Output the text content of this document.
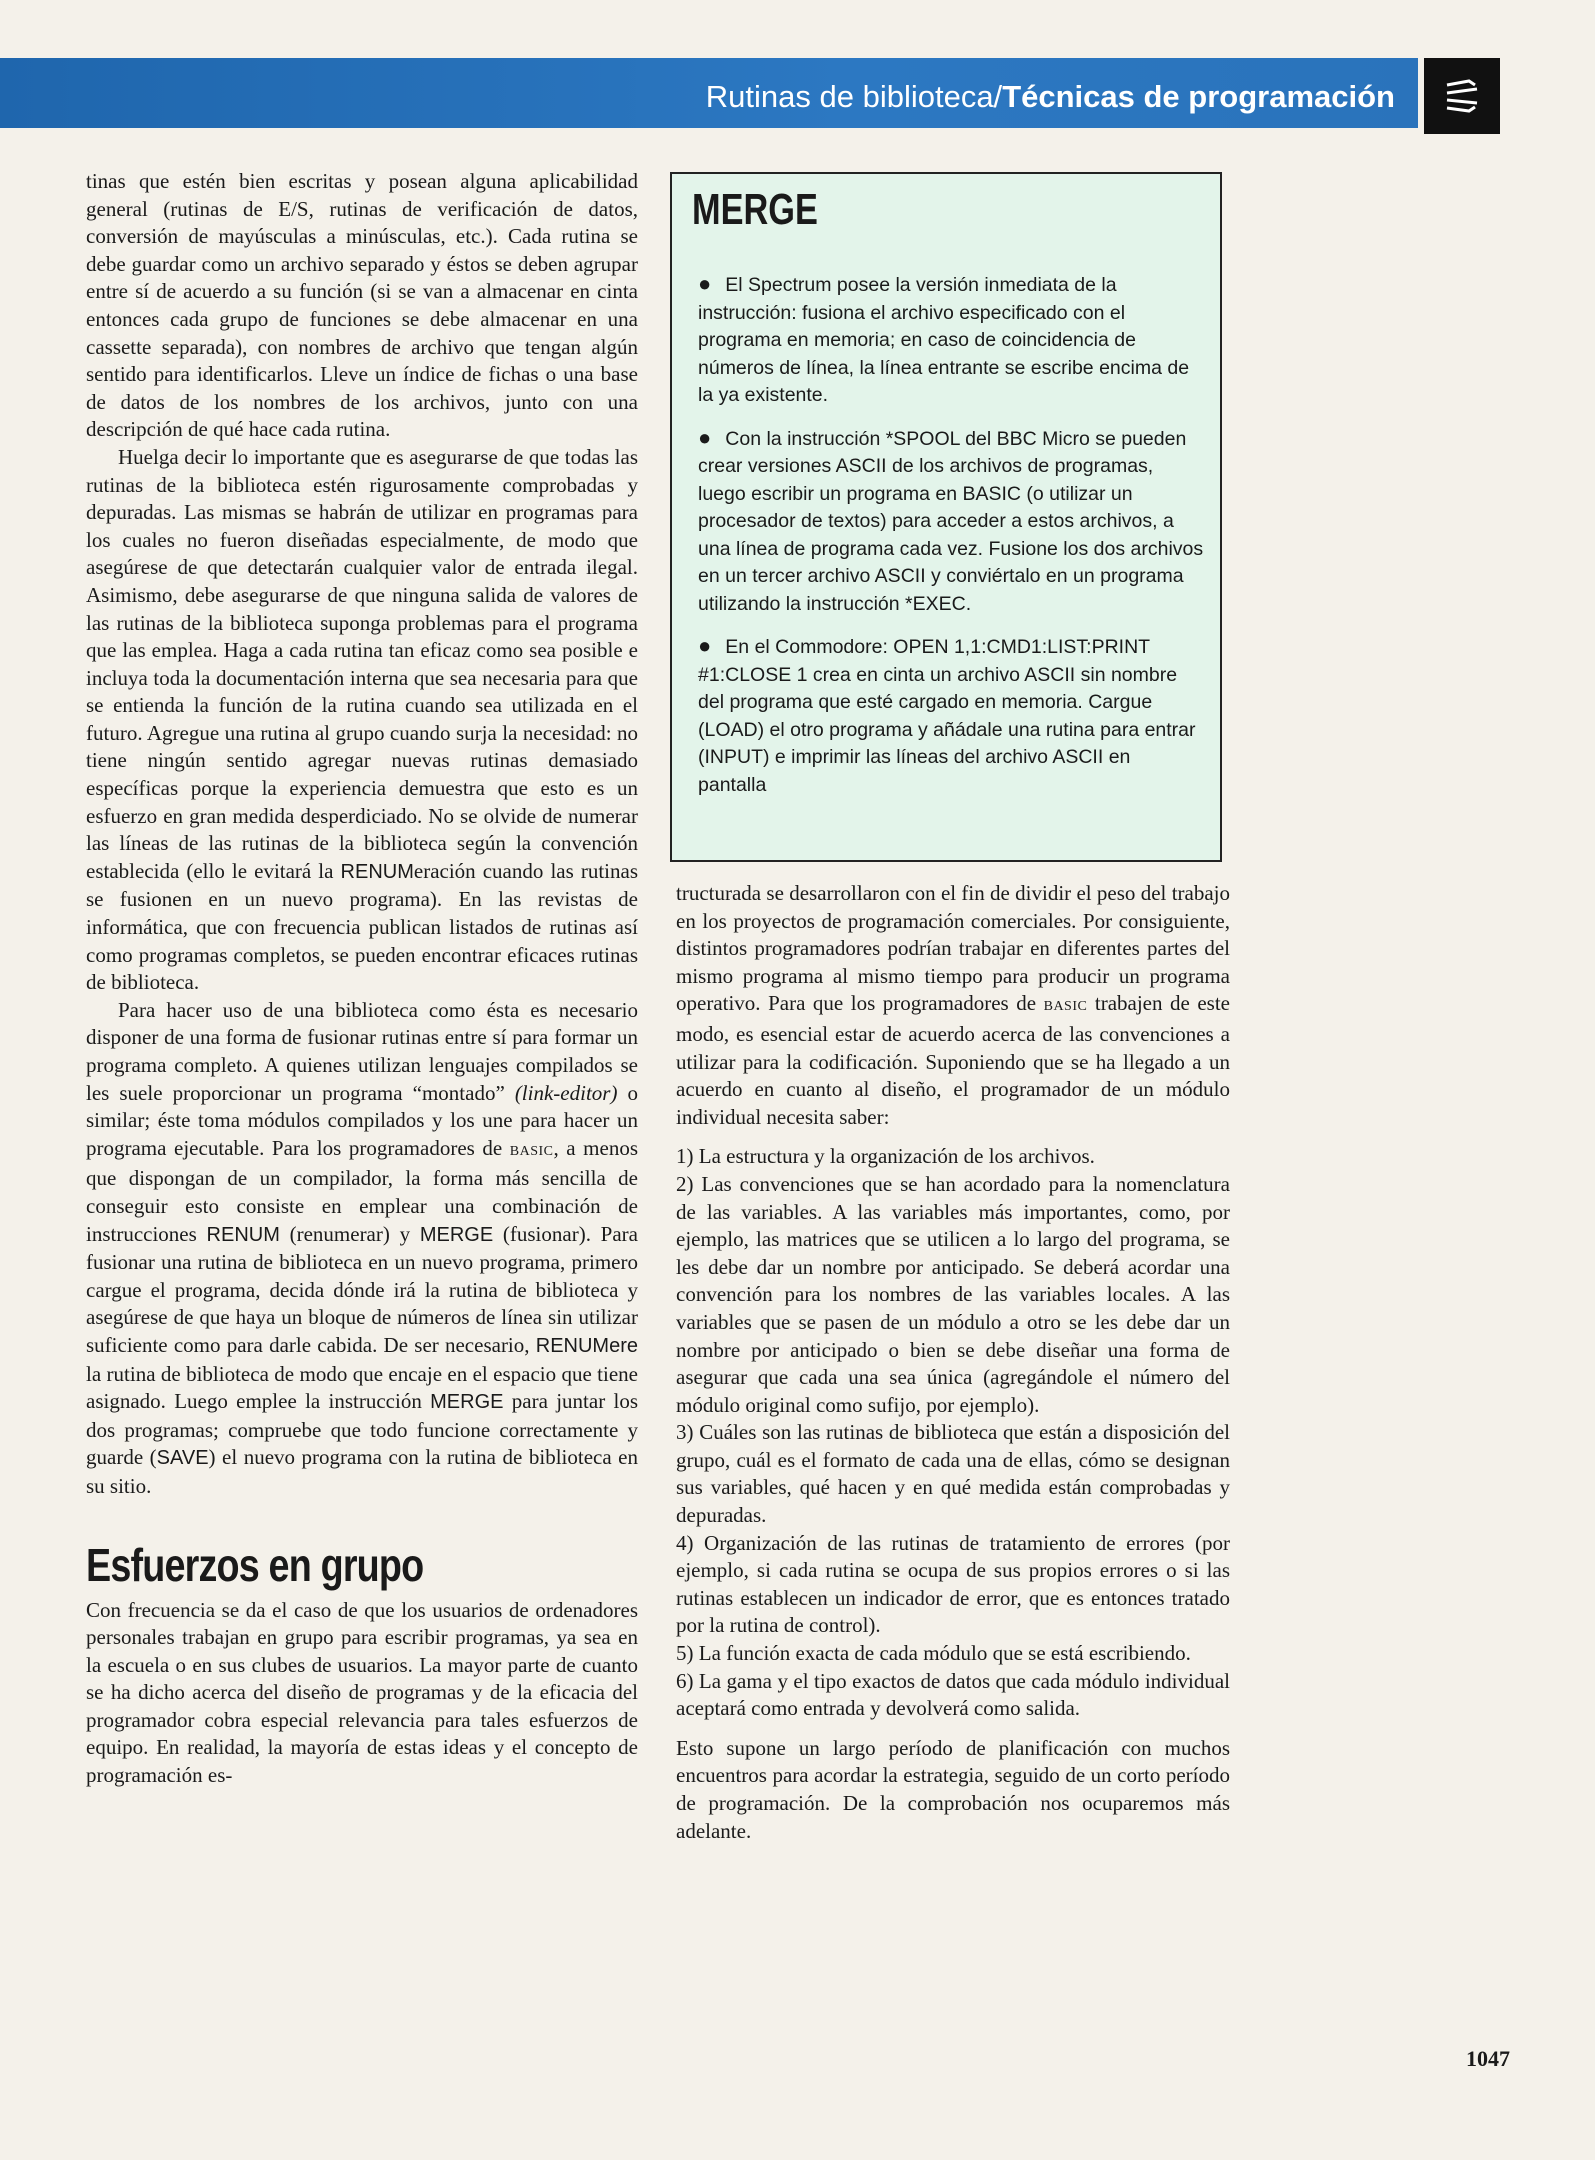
Rutinas de biblioteca/Técnicas de programación

tinas que estén bien escritas y posean alguna aplicabilidad general (rutinas de E/S, rutinas de verificación de datos, conversión de mayúsculas a minúsculas, etc.). Cada rutina se debe guardar como un archivo separado y éstos se deben agrupar entre sí de acuerdo a su función (si se van a almacenar en cinta entonces cada grupo de funciones se debe almacenar en una cassette separada), con nombres de archivo que tengan algún sentido para identificarlos. Lleve un índice de fichas o una base de datos de los nombres de los archivos, junto con una descripción de qué hace cada rutina.

Huelga decir lo importante que es asegurarse de que todas las rutinas de la biblioteca estén rigurosamente comprobadas y depuradas. Las mismas se habrán de utilizar en programas para los cuales no fueron diseñadas especialmente, de modo que asegúrese de que detectarán cualquier valor de entrada ilegal. Asimismo, debe asegurarse de que ninguna salida de valores de las rutinas de la biblioteca suponga problemas para el programa que las emplea. Haga a cada rutina tan eficaz como sea posible e incluya toda la documentación interna que sea necesaria para que se entienda la función de la rutina cuando sea utilizada en el futuro. Agregue una rutina al grupo cuando surja la necesidad: no tiene ningún sentido agregar nuevas rutinas demasiado específicas porque la experiencia demuestra que esto es un esfuerzo en gran medida desperdiciado. No se olvide de numerar las líneas de las rutinas de la biblioteca según la convención establecida (ello le evitará la RENUMeración cuando las rutinas se fusionen en un nuevo programa). En las revistas de informática, que con frecuencia publican listados de rutinas así como programas completos, se pueden encontrar eficaces rutinas de biblioteca.

Para hacer uso de una biblioteca como ésta es necesario disponer de una forma de fusionar rutinas entre sí para formar un programa completo. A quienes utilizan lenguajes compilados se les suele proporcionar un programa “montado” (link-editor) o similar; éste toma módulos compilados y los une para hacer un programa ejecutable. Para los programadores de BASIC, a menos que dispongan de un compilador, la forma más sencilla de conseguir esto consiste en emplear una combinación de instrucciones RENUM (renumerar) y MERGE (fusionar). Para fusionar una rutina de biblioteca en un nuevo programa, primero cargue el programa, decida dónde irá la rutina de biblioteca y asegúrese de que haya un bloque de números de línea sin utilizar suficiente como para darle cabida. De ser necesario, RENUMere la rutina de biblioteca de modo que encaje en el espacio que tiene asignado. Luego emplee la instrucción MERGE para juntar los dos programas; compruebe que todo funcione correctamente y guarde (SAVE) el nuevo programa con la rutina de biblioteca en su sitio.

Esfuerzos en grupo

Con frecuencia se da el caso de que los usuarios de ordenadores personales trabajan en grupo para escribir programas, ya sea en la escuela o en sus clubes de usuarios. La mayor parte de cuanto se ha dicho acerca del diseño de programas y de la eficacia del programador cobra especial relevancia para tales esfuerzos de equipo. En realidad, la mayoría de estas ideas y el concepto de programación es-

MERGE
● El Spectrum posee la versión inmediata de la instrucción: fusiona el archivo especificado con el programa en memoria; en caso de coincidencia de números de línea, la línea entrante se escribe encima de la ya existente.
● Con la instrucción *SPOOL del BBC Micro se pueden crear versiones ASCII de los archivos de programas, luego escribir un programa en BASIC (o utilizar un procesador de textos) para acceder a estos archivos, a una línea de programa cada vez. Fusione los dos archivos en un tercer archivo ASCII y conviértalo en un programa utilizando la instrucción *EXEC.
● En el Commodore: OPEN 1,1:CMD1:LIST:PRINT #1:CLOSE 1 crea en cinta un archivo ASCII sin nombre del programa que esté cargado en memoria. Cargue (LOAD) el otro programa y añádale una rutina para entrar (INPUT) e imprimir las líneas del archivo ASCII en pantalla

tructurada se desarrollaron con el fin de dividir el peso del trabajo en los proyectos de programación comerciales. Por consiguiente, distintos programadores podrían trabajar en diferentes partes del mismo programa al mismo tiempo para producir un programa operativo. Para que los programadores de BASIC trabajen de este modo, es esencial estar de acuerdo acerca de las convenciones a utilizar para la codificación. Suponiendo que se ha llegado a un acuerdo en cuanto al diseño, el programador de un módulo individual necesita saber:

1) La estructura y la organización de los archivos.

2) Las convenciones que se han acordado para la nomenclatura de las variables. A las variables más importantes, como, por ejemplo, las matrices que se utilicen a lo largo del programa, se les debe dar un nombre por anticipado. Se deberá acordar una convención para los nombres de las variables locales. A las variables que se pasen de un módulo a otro se les debe dar un nombre por anticipado o bien se debe diseñar una forma de asegurar que cada una sea única (agregándole el número del módulo original como sufijo, por ejemplo).

3) Cuáles son las rutinas de biblioteca que están a disposición del grupo, cuál es el formato de cada una de ellas, cómo se designan sus variables, qué hacen y en qué medida están comprobadas y depuradas.

4) Organización de las rutinas de tratamiento de errores (por ejemplo, si cada rutina se ocupa de sus propios errores o si las rutinas establecen un indicador de error, que es entonces tratado por la rutina de control).

5) La función exacta de cada módulo que se está escribiendo.

6) La gama y el tipo exactos de datos que cada módulo individual aceptará como entrada y devolverá como salida.

Esto supone un largo período de planificación con muchos encuentros para acordar la estrategia, seguido de un corto período de programación. De la comprobación nos ocuparemos más adelante.

1047
